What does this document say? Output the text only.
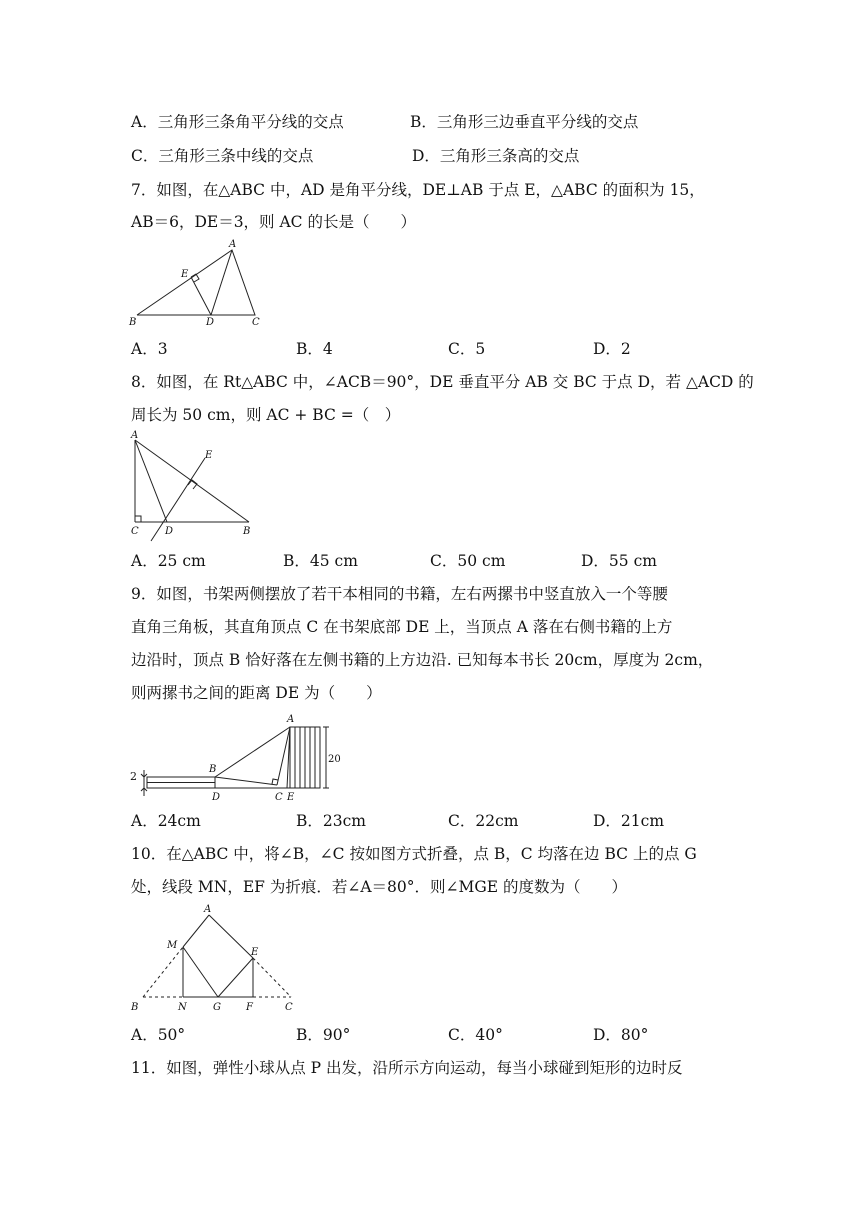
A．三角形三条角平分线的交点	B．三角形三边垂直平分线的交点
C．三角形三条中线的交点	D．三角形三条高的交点
7．如图，在△ABC 中，AD 是角平分线，DE⊥AB 于点 E，△ABC 的面积为 15，
AB＝6，DE＝3，则 AC 的长是（　　）
A
B	C
D
E
A．3	B．4	C．5	D．2
8．如图，在 Rt△ABC 中，∠ACB＝90°，DE 垂直平分 AB 交 BC 于点 D，若 △ACD 的
周长为 50 cm，则 AC + BC =（　）
A
C	D	B
E
A．25 cm	B．45 cm	C．50 cm	D．55 cm
9．如图，书架两侧摆放了若干本相同的书籍，左右两摞书中竖直放入一个等腰
直角三角板，其直角顶点 C 在书架底部 DE 上，当顶点 A 落在右侧书籍的上方
边沿时，顶点 B 恰好落在左侧书籍的上方边沿. 已知每本书长 20cm，厚度为 2cm，
则两摞书之间的距离 DE 为（　　）
2
20
A
B
D	C E
A．24cm	B．23cm	C．22cm	D．21cm
10．在△ABC 中，将∠B，∠C 按如图方式折叠，点 B，C 均落在边 BC 上的点 G
处，线段 MN，EF 为折痕．若∠A＝80°．则∠MGE 的度数为（　　）
A
M
E
B	N	G	F	C
A．50°	B．90°	C．40°	D．80°
11．如图，弹性小球从点 P 出发，沿所示方向运动，每当小球碰到矩形的边时反
